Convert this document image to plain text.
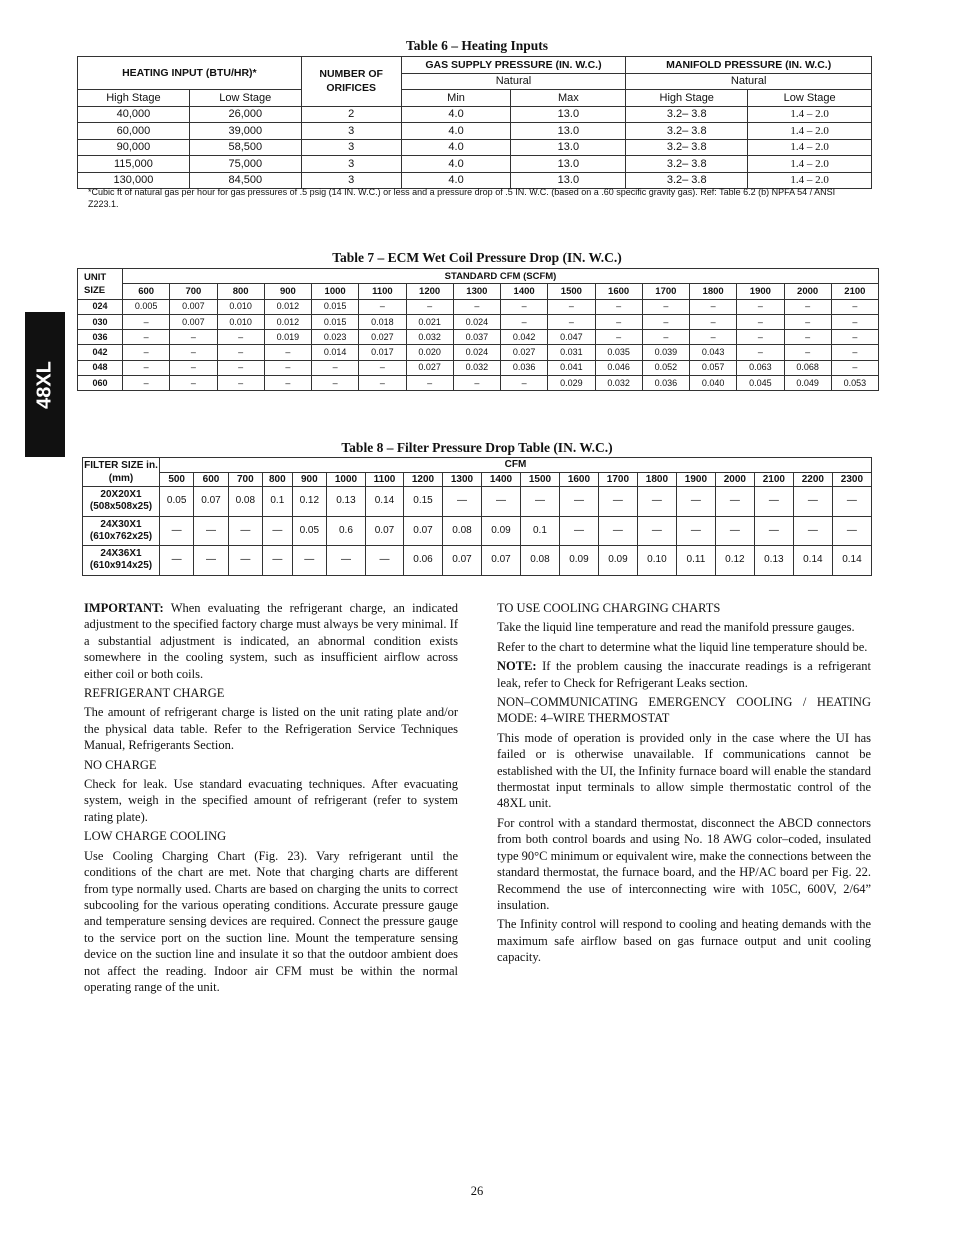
48XL
Table 6 – Heating Inputs
HEATING INPUT (BTU/HR)*		NUMBER OF ORIFICES	GAS SUPPLY PRESSURE (IN. W.C.)		MANIFOLD PRESSURE (IN. W.C.)	
			Natural		Natural	
High Stage	Low Stage		Min	Max	High Stage	Low Stage
40,000	26,000	2	4.0	13.0	3.2– 3.8	1.4 – 2.0
60,000	39,000	3	4.0	13.0	3.2– 3.8	1.4 – 2.0
90,000	58,500	3	4.0	13.0	3.2– 3.8	1.4 – 2.0
115,000	75,000	3	4.0	13.0	3.2– 3.8	1.4 – 2.0
130,000	84,500	3	4.0	13.0	3.2– 3.8	1.4 – 2.0
*Cubic ft of natural gas per hour for gas pressures of .5 psig (14 IN. W.C.) or less and a pressure drop of .5 IN. W.C. (based on a .60 specific gravity gas). Ref: Table 6.2 (b) NPFA 54 / ANSI Z223.1.
Table 7 – ECM Wet Coil Pressure Drop (IN. W.C.)
UNIT SIZE	STANDARD CFM (SCFM)															
	600	700	800	900	1000	1100	1200	1300	1400	1500	1600	1700	1800	1900	2000	2100
024	0.005	0.007	0.010	0.012	0.015	–	–	–	–	–	–	–	–	–	–	–
030	–	0.007	0.010	0.012	0.015	0.018	0.021	0.024	–	–	–	–	–	–	–	–
036	–	–	–	0.019	0.023	0.027	0.032	0.037	0.042	0.047	–	–	–	–	–	–
042	–	–	–	–	0.014	0.017	0.020	0.024	0.027	0.031	0.035	0.039	0.043	–	–	–
048	–	–	–	–	–	–	0.027	0.032	0.036	0.041	0.046	0.052	0.057	0.063	0.068	–
060	–	–	–	–	–	–	–	–	–	0.029	0.032	0.036	0.040	0.045	0.049	0.053
Table 8 – Filter Pressure Drop Table (IN. W.C.)
FILTER SIZE in. (mm)	CFM																		
	500	600	700	800	900	1000	1100	1200	1300	1400	1500	1600	1700	1800	1900	2000	2100	2200	2300
20X20X1 (508x508x25)	0.05	0.07	0.08	0.1	0.12	0.13	0.14	0.15	—	—	—	—	—	—	—	—	—	—	—
24X30X1 (610x762x25)	—	—	—	—	0.05	0.6	0.07	0.07	0.08	0.09	0.1	—	—	—	—	—	—	—	—
24X36X1 (610x914x25)	—	—	—	—	—	—	—	0.06	0.07	0.07	0.08	0.09	0.09	0.10	0.11	0.12	0.13	0.14	0.14

IMPORTANT: When evaluating the refrigerant charge, an indicated adjustment to the specified factory charge must always be very minimal. If a substantial adjustment is indicated, an abnormal condition exists somewhere in the cooling system, such as insufficient airflow across either coil or both coils.

REFRIGERANT CHARGE

The amount of refrigerant charge is listed on the unit rating plate and/or the physical data table. Refer to the Refrigeration Service Techniques Manual, Refrigerants Section.

NO CHARGE

Check for leak. Use standard evacuating techniques. After evacuating system, weigh in the specified amount of refrigerant (refer to system rating plate).

LOW CHARGE COOLING

Use Cooling Charging Chart (Fig. 23). Vary refrigerant until the conditions of the chart are met. Note that charging charts are different from type normally used. Charts are based on charging the units to correct subcooling for the various operating conditions. Accurate pressure gauge and temperature sensing devices are required. Connect the pressure gauge to the service port on the suction line. Mount the temperature sensing device on the suction line and insulate it so that the outdoor ambient does not affect the reading. Indoor air CFM must be within the normal operating range of the unit.

TO USE COOLING CHARGING CHARTS

Take the liquid line temperature and read the manifold pressure gauges.

Refer to the chart to determine what the liquid line temperature should be.

NOTE: If the problem causing the inaccurate readings is a refrigerant leak, refer to Check for Refrigerant Leaks section.

NON–COMMUNICATING EMERGENCY COOLING / HEATING MODE: 4–WIRE THERMOSTAT

This mode of operation is provided only in the case where the UI has failed or is otherwise unavailable. If communications cannot be established with the UI, the Infinity furnace board will enable the standard thermostat input terminals to allow simple thermostatic control of the 48XL unit.

For control with a standard thermostat, disconnect the ABCD connectors from both control boards and using No. 18 AWG color–coded, insulated type 90°C minimum or equivalent wire, make the connections between the standard thermostat, the furnace board, and the HP/AC board per Fig. 22. Recommend the use of interconnecting wire with 105C, 600V, 2/64” insulation.

The Infinity control will respond to cooling and heating demands with the maximum safe airflow based on gas furnace output and unit cooling capacity.

26
